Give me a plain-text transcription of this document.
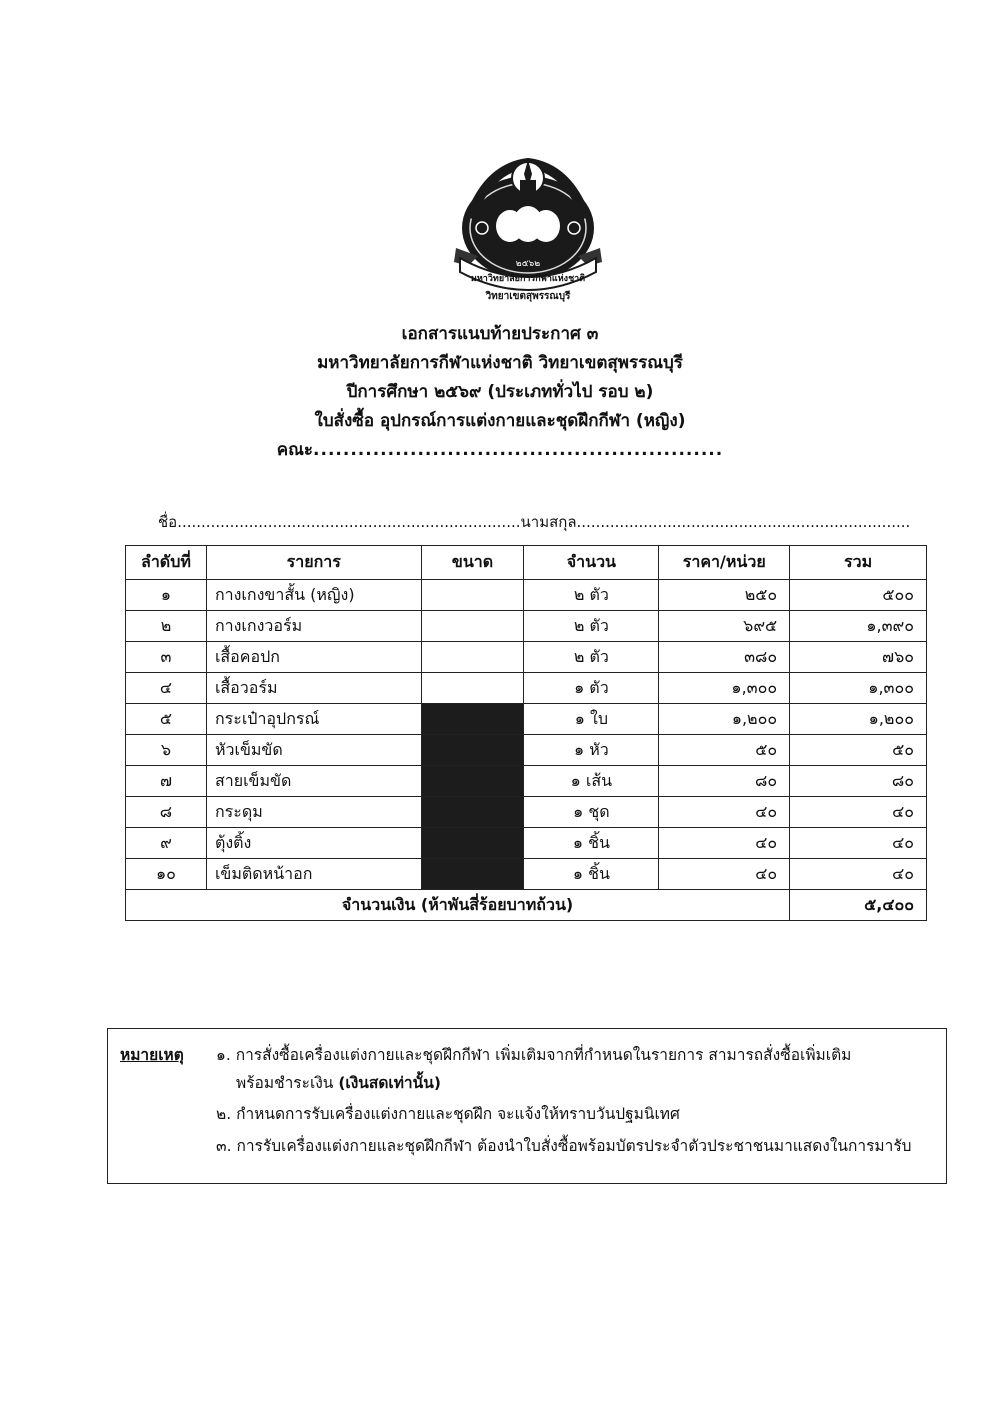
๒๕๖๒
มหาวิทยาลัยการกีฬาแห่งชาติ
วิทยาเขตสุพรรณบุรี
เอกสารแนบท้ายประกาศ ๓
มหาวิทยาลัยการกีฬาแห่งชาติ วิทยาเขตสุพรรณบุรี
ปีการศึกษา ๒๕๖๙ (ประเภททั่วไป รอบ ๒)
ใบสั่งซื้อ อุปกรณ์การแต่งกายและชุดฝึกกีฬา (หญิง)
คณะ.......................................................
ชื่อ........................................................................นามสกุล......................................................................
ลำดับที่	รายการ	ขนาด	จำนวน	ราคา/หน่วย	รวม
๑	กางเกงขาสั้น (หญิง)		๒ ตัว	๒๕๐	๕๐๐
๒	กางเกงวอร์ม		๒ ตัว	๖๙๕	๑,๓๙๐
๓	เสื้อคอปก		๒ ตัว	๓๘๐	๗๖๐
๔	เสื้อวอร์ม		๑ ตัว	๑,๓๐๐	๑,๓๐๐
๕	กระเป๋าอุปกรณ์		๑ ใบ	๑,๒๐๐	๑,๒๐๐
๖	หัวเข็มขัด		๑ หัว	๕๐	๕๐
๗	สายเข็มขัด		๑ เส้น	๘๐	๘๐
๘	กระดุม		๑ ชุด	๔๐	๔๐
๙	ตุ้งติ้ง		๑ ชิ้น	๔๐	๔๐
๑๐	เข็มติดหน้าอก		๑ ชิ้น	๔๐	๔๐
จำนวนเงิน (ห้าพันสี่ร้อยบาทถ้วน)					๕,๔๐๐
หมายเหตุ ๑. การสั่งซื้อเครื่องแต่งกายและชุดฝึกกีฬา เพิ่มเติมจากที่กำหนดในรายการ สามารถสั่งซื้อเพิ่มเติม
พร้อมชำระเงิน (เงินสดเท่านั้น)
๒. กำหนดการรับเครื่องแต่งกายและชุดฝึก จะแจ้งให้ทราบวันปฐมนิเทศ
๓. การรับเครื่องแต่งกายและชุดฝึกกีฬา ต้องนำใบสั่งซื้อพร้อมบัตรประจำตัวประชาชนมาแสดงในการมารับ
